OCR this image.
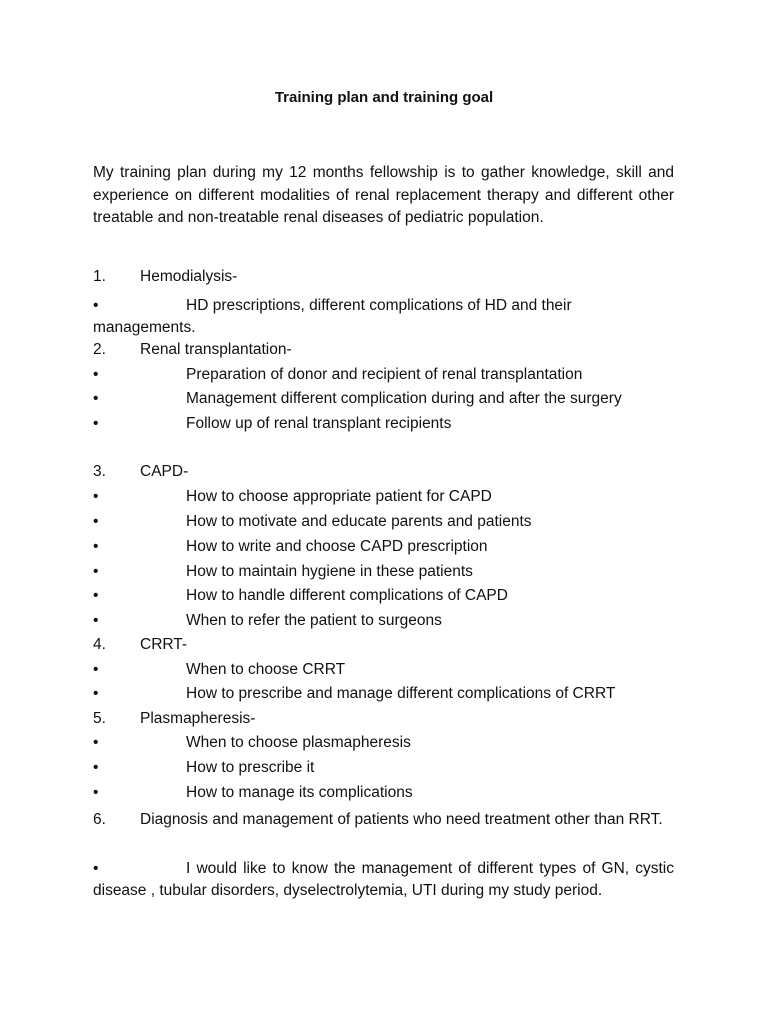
Training plan and training goal
My training plan during my 12 months fellowship is to gather knowledge, skill and experience on different modalities of renal replacement therapy and different other treatable and non-treatable renal diseases of pediatric population.
1. Hemodialysis-
•	HD prescriptions, different complications of HD and their managements.
2. Renal transplantation-
•	Preparation of donor and recipient of renal transplantation
•	Management different complication during and after the surgery
•	Follow up of renal transplant recipients
3. CAPD-
•	How to choose appropriate patient for CAPD
•	How to motivate and educate parents and patients
•	How to write and choose CAPD prescription
•	How to maintain hygiene in these patients
•	How to handle different complications of CAPD
•	When to refer the patient to surgeons
4. CRRT-
•	When to choose CRRT
•	How to prescribe and manage different complications of CRRT
5. Plasmapheresis-
•	When to choose plasmapheresis
•	How to prescribe it
•	How to manage its complications
6. Diagnosis and management of patients who need treatment other than RRT.
•	I would like to know the management of different types of GN, cystic disease , tubular disorders, dyselectrolytemia, UTI during my study period.
